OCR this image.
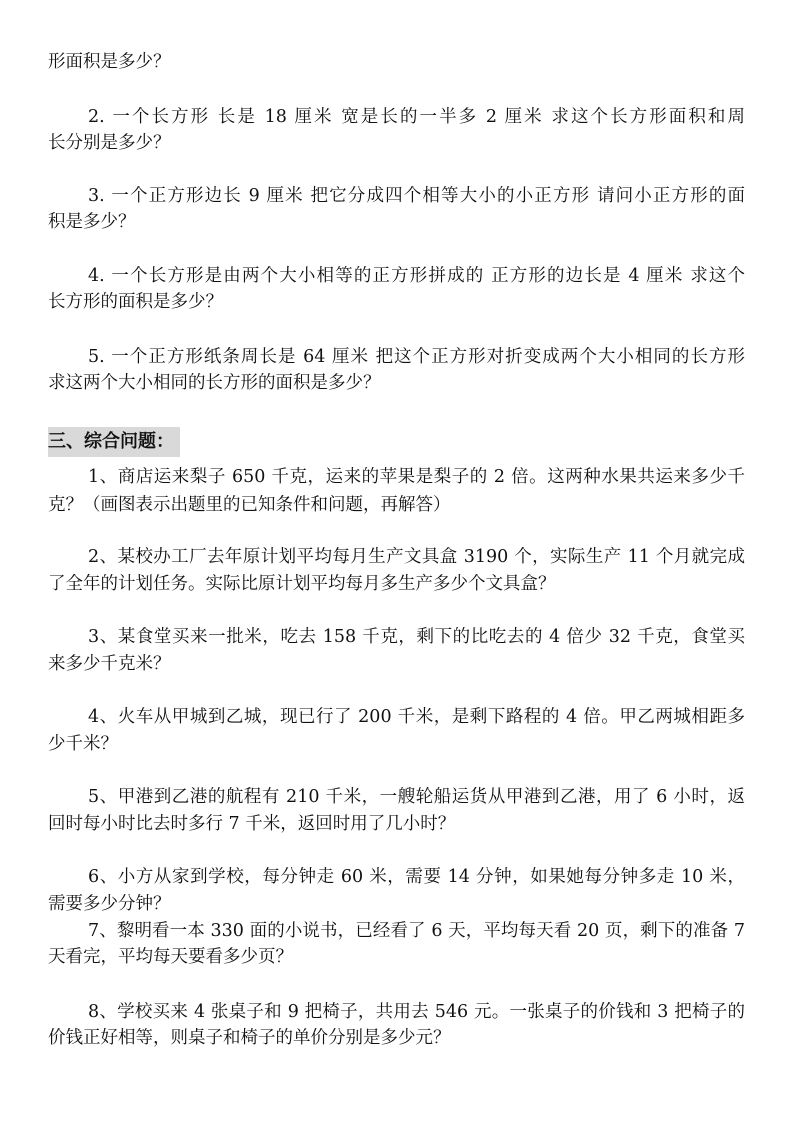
形面积是多少？
2. 一个长方形 长是 18 厘米 宽是长的一半多 2 厘米 求这个长方形面积和周
长分别是多少？
3. 一个正方形边长 9 厘米 把它分成四个相等大小的小正方形 请问小正方形的面
积是多少？
4. 一个长方形是由两个大小相等的正方形拼成的 正方形的边长是 4 厘米 求这个
长方形的面积是多少？
5. 一个正方形纸条周长是 64 厘米 把这个正方形对折变成两个大小相同的长方形
求这两个大小相同的长方形的面积是多少？
三、综合问题：
1、商店运来梨子 650 千克，运来的苹果是梨子的 2 倍。这两种水果共运来多少千
克？（画图表示出题里的已知条件和问题，再解答）
2、某校办工厂去年原计划平均每月生产文具盒 3190 个，实际生产 11 个月就完成
了全年的计划任务。实际比原计划平均每月多生产多少个文具盒？
3、某食堂买来一批米，吃去 158 千克，剩下的比吃去的 4 倍少 32 千克，食堂买
来多少千克米？
4、火车从甲城到乙城，现已行了 200 千米，是剩下路程的 4 倍。甲乙两城相距多
少千米？
5、甲港到乙港的航程有 210 千米，一艘轮船运货从甲港到乙港，用了 6 小时，返
回时每小时比去时多行 7 千米，返回时用了几小时？
6、小方从家到学校，每分钟走 60 米，需要 14 分钟，如果她每分钟多走 10 米，
需要多少分钟？
7、黎明看一本 330 面的小说书，已经看了 6 天，平均每天看 20 页，剩下的准备 7
天看完，平均每天要看多少页？
8、学校买来 4 张桌子和 9 把椅子，共用去 546 元。一张桌子的价钱和 3 把椅子的
价钱正好相等，则桌子和椅子的单价分别是多少元？
